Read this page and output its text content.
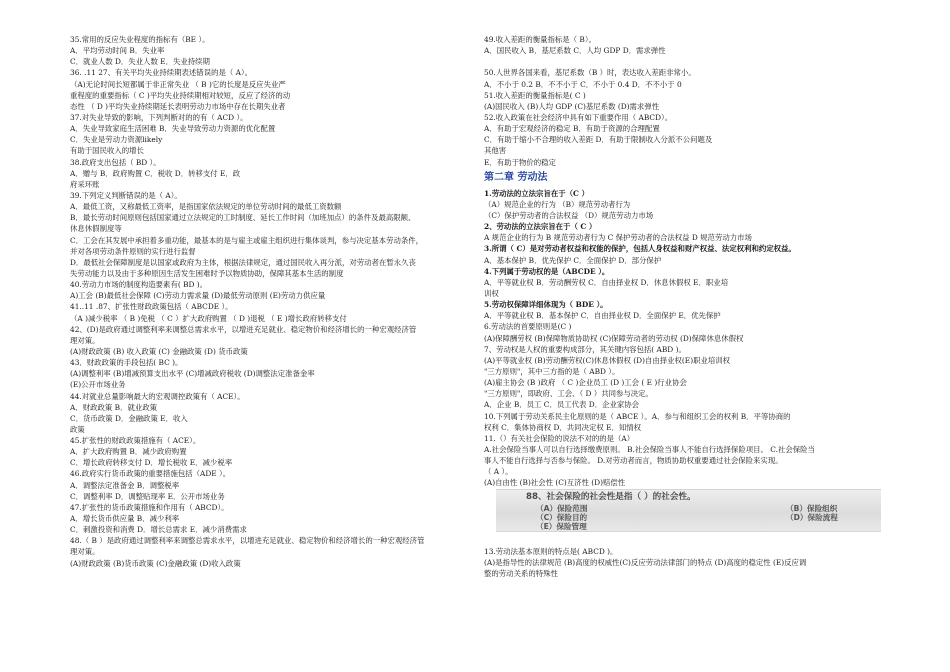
35.常用的反应失业程度的指标有（BE ）。
A．平均劳动时间 B．失业率
C．就业人数 D．失业人数 E．失业持续期
36. .11 27、有关平均失业持续期表述错误的是（ A）。
（A)无论时间长短都属于非正常失业 （ B )它的长度是反应失业严
重程度的重要指标（ C )平均失业持续期相对较短，反应了经济的动
态性 （ D )平均失业持续期延长表明劳动力市场中存在长期失业者
37.对失业导致的影响，下列判断对的的有（ ACD ）。
A．失业导致家庭生活困难 B．失业导致劳动力资源的优化配置
C．失业是劳动力资源likely
有助于国民收入的增长
38.政府支出包括（ BD ）。
A．赠与 B．政府购置 C．税收 D．转移支付 E．政
府采环账
39.下列定义判断错误的是（ A）。
A．最低工资，又称最低工资率，是指国家依法规定的单位劳动时间的最低工资数额
B．最长劳动时间原则包括国家通过立法规定的工时制度、延长工作时间（加班加点）的条件及最高限额、
休息休假制度等
C．工会在其发展中承担着多重功能，最基本的是与雇主或雇主组织进行集体谈判，参与决定基本劳动条件，
并对各项劳动条件原则的实行进行监督
D．最低社会保障制度是以国家或政府为主体，根据法律规定，通过国民收入再分派，对劳动者在暂永久丧
失劳动能力以及由于多种原因生活发生困难时予以物质协助，保障其基本生活的制度
40.劳动力市场的制度构造要素有( BD )。
A)工会 (B)最低社会保障 (C)劳动力需求量 (D)最低劳动原则 (E)劳动力供应量
41..11 .87、扩张性财政政策包括（ ABCDE ）。
（A )减少税率 （ B )免税 （ C ）扩大政府购置 （ D )退税 （ E )增长政府转移支付
42、(D)是政府通过调整利率来调整总需求水平，以增进充足就业、稳定物价和经济增长的一种宏观经济管
理对策。
(A)财政政策 (B) 收入政策 (C) 金融政策 (D) 货币政策
43．财政政策的手段包括( BC )。
(A)调整利率 (B)增减预算支出水平 (C)增减政府税收 (D)调整法定准备金率
(E)公开市场业务
44.对就业总量影响最大的宏观调控政策有（ ACE）。
A．财政政策 B．就业政策
C．货币政策 D．金融政策 E．收入
政策
45.扩张性的财政政策措施有（ ACE）。
A．扩大政府购置 B．减少政府购置
C．增长政府转移支付 D．增长税收 E．减少税率
46.政府实行货币政策的重要措施包括（ADE ）。
A．调整法定准备金 B．调整税率
C．调整利率 D．调整贴现率 E．公开市场业务
47.扩张性的货币政策措施和作用有（ ABCD）。
A．增长货币供应量 B．减少利率
C．刺激投资和消费 D．增长总需求 E．减少消费需求
48.（ B ）是政府通过调整利率来调整总需求水平，以增进充足就业、稳定物价和经济增长的一种宏观经济管
理对策。
(A)财政政策 (B)货币政策 (C)金融政策 (D)收入政策
49.收入差距的衡量指标是（ B）。
A．国民收入 B．基尼系数 C．人均 GDP D．需求弹性
50.人世界各国来看，基尼系数（B ）时，表达收入差距非常小。
A．不小于 0.2 B．不不小于 C．不小于 0.4 D．不不小于 0
51.收入差距的衡量指标是( C )
(A)国民收入 (B)人均 GDP (C)基尼系数 (D)需求弹性
52.收入政策在社会经济中具有如下重要作用（ ABCD）。
A．有助于宏观经济的稳定 B．有助于资源的合理配置
C．有助于缩小不合理的收入差距 D．有助于限制收入分派不公问题及
其他害
E．有助于物价的稳定
第二章 劳动法
1.劳动法的立法宗旨在于（C ）
（A）规范企业的行为 （B）规范劳动者行为
（C）保护劳动者的合法权益 （D）规范劳动力市场
2、劳动法的立法宗旨在于（ C ）
A 规范企业的行为 B 规范劳动者行为 C 保护劳动者的合法权益 D 规范劳动力市场
3.所谓（ C）是对劳动者权益和权能的保护，包括人身权益和财产权益、法定权利和约定权益。
A．基本保护 B．优先保护 C．全面保护 D．部分保护
4.下列属于劳动权的是（ABCDE ）。
A．平等就业权 B．劳动酬劳权 C．自由择业权 D．休息休假权 E．职业培
训权
5.劳动权保障详细体现为（ BDE ）。
A．平等就业权 B．基本保护 C．自由择业权 D．全面保护 E．优先保护
6.劳动法的首要原则是(C )
(A)保障酬劳权 (B)保障物质协助权 (C)保障劳动者的劳动权 (D)保障休息休假权
7、劳动权是人权的重要构成部分，其关键内容包括( ABD )。
(A)平等就业权 (B)劳动酬劳权(C)休息休假权 (D)自由择业权(E)职业培训权
"三方原则"，其中三方指的是（ ABD ）。
(A)雇主协会 (B )政府 （ C )企业员工 (D )工会 ( E )行业协会
"三方原则"，即政府、工会、（ D ）共同参与决定。
A．企业 B．员工 C．员工代表 D．企业家协会
10.下列属于劳动关系民主化原则的是（ ABCE ）。A．参与和组织工会的权利 B．平等协商的
权利 C．集体协商权 D．共同决定权 E．知情权
11.（）有关社会保险的说法不对的的是（A）
A.社会保险当事人可以自行选择缴费原则。 B.社会保险当事人不能自行选择保险项目。 C.社会保险当
事人不能自行选择与否参与保险。 D.对劳动者而言，物质协助权重要通过社会保险来实现。
（ A ）。
(A)自由性 (B)社会性 (C)互济性 (D)赔偿性
88、社会保险的社会性是指（ ）的社会性。
（A）保险范围	（B）保险组织
（C）保险目的	（D）保险流程
（E）保险管理
13.劳动法基本原则的特点是( ABCD )。
(A)是指导性的法律规范 (B)高度的权威性(C)反应劳动法律部门的特点 (D)高度的稳定性 (E)反应调
整的劳动关系的特殊性
